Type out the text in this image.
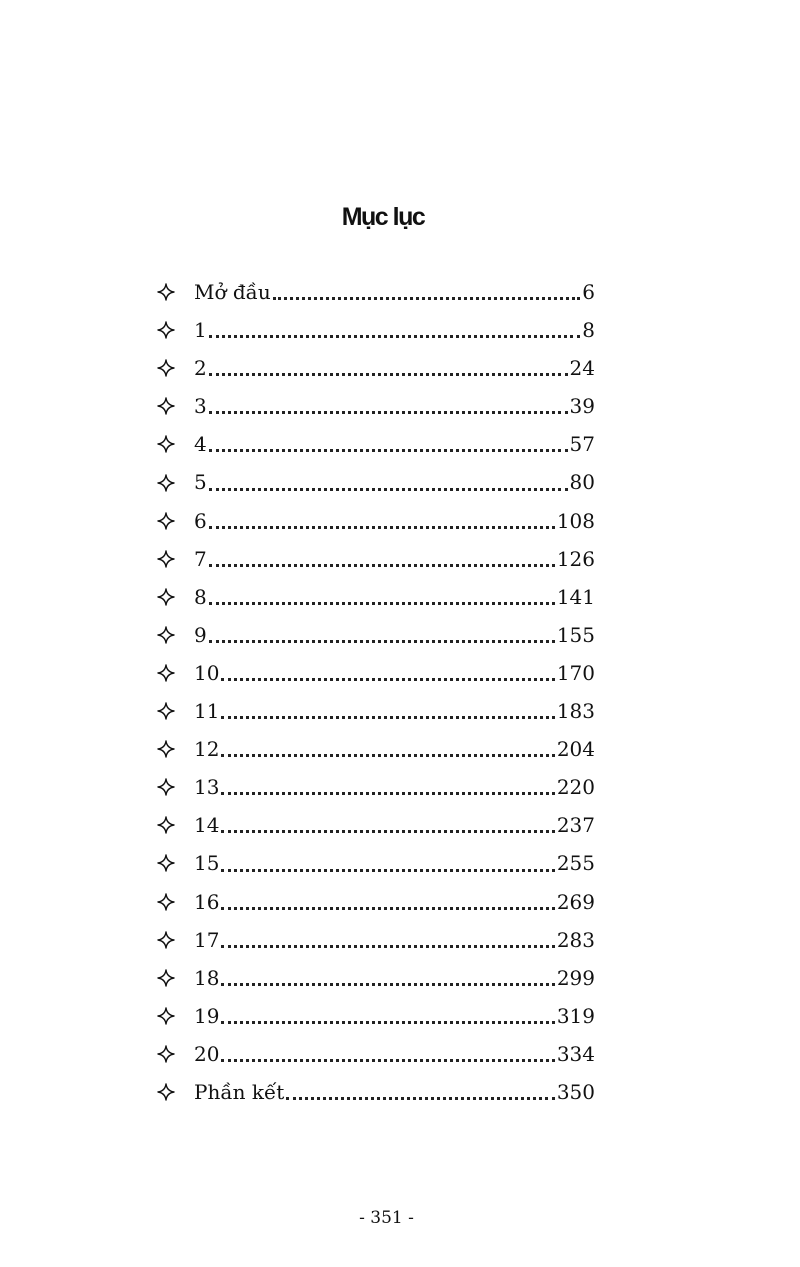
Mục lục
Mở đầu	6
1	8
2	24
3	39
4	57
5	80
6	108
7	126
8	141
9	155
10	170
11	183
12	204
13	220
14	237
15	255
16	269
17	283
18	299
19	319
20	334
Phần kết	350
- 351 -
